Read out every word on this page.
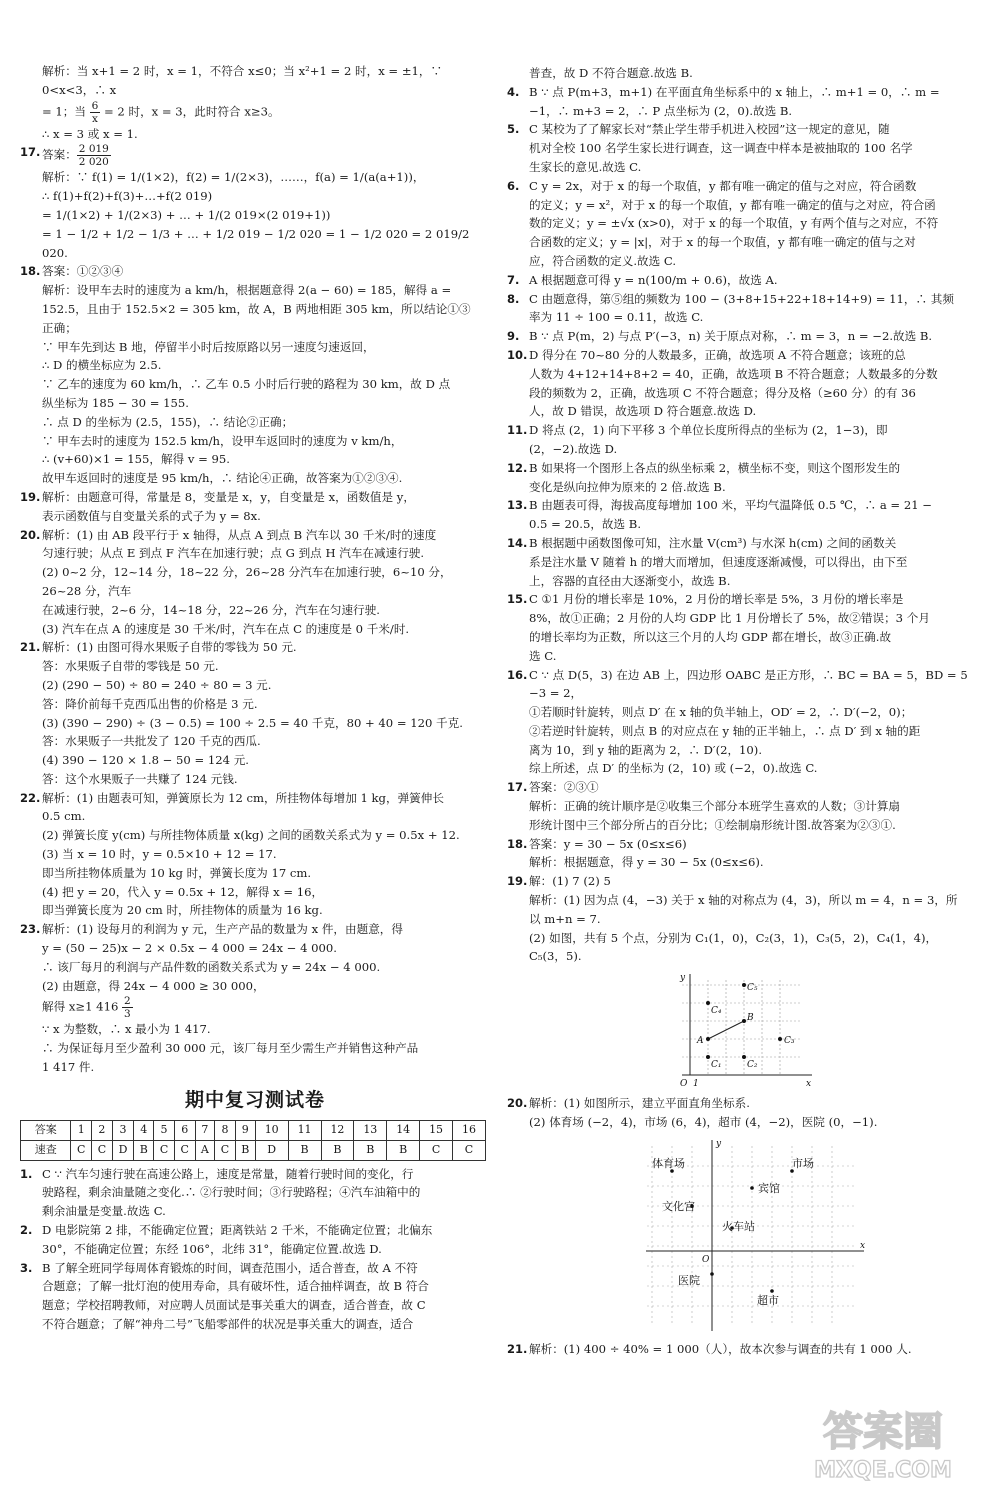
解析：当 x+1 = 2 时，x = 1，不符合 x≤0；当 x²+1 = 2 时，x = ±1，∵ 0<x<3，∴ x

= 1；当 $\frac{6}{x} = 2$ 时，x = 3，此时符合 x≥3。

∴ x = 3 或 x = 1.

17. 答案： $\frac{2 019}{2 020}$

解析：∵ f(1) = 1/(1×2)，f(2) = 1/(2×3)，……，f(a) = 1/(a(a+1))，

∴ f(1)+f(2)+f(3)+…+f(2 019)

= 1/(1×2) + 1/(2×3) + … + 1/(2 019×(2 019+1))

= 1 − 1/2 + 1/2 − 1/3 + … + 1/2 019 − 1/2 020 = 1 − 1/2 020 = 2 019/2 020.

18. 答案：①②③④

解析：设甲车去时的速度为 a km/h，根据题意得 2(a − 60) = 185，解得 a =

152.5，且由于 152.5×2 = 305 km，故 A，B 两地相距 305 km，所以结论①③

正确；

∵ 甲车先到达 B 地，停留半小时后按原路以另一速度匀速返回，

∴ D 的横坐标应为 2.5.

∵ 乙车的速度为 60 km/h，∴ 乙车 0.5 小时后行驶的路程为 30 km，故 D 点

纵坐标为 185 − 30 = 155.

∴ 点 D 的坐标为 (2.5，155)，∴ 结论②正确；

∵ 甲车去时的速度为 152.5 km/h，设甲车返回时的速度为 v km/h，

∴ (v+60)×1 = 155，解得 v = 95.

故甲车返回时的速度是 95 km/h，∴ 结论④正确，故答案为①②③④.

19. 解析：由题意可得，常量是 8，变量是 x，y，自变量是 x，函数值是 y，

表示函数值与自变量关系的式子为 y = 8x.

20. 解析：(1) 由 AB 段平行于 x 轴得，从点 A 到点 B 汽车以 30 千米/时的速度

匀速行驶；从点 E 到点 F 汽车在加速行驶；点 G 到点 H 汽车在减速行驶.

(2) 0~2 分，12~14 分，18~22 分，26~28 分汽车在加速行驶，6~10 分，26~28 分，汽车

在减速行驶，2~6 分，14~18 分，22~26 分，汽车在匀速行驶.

(3) 汽车在点 A 的速度是 30 千米/时，汽车在点 C 的速度是 0 千米/时.

21. 解析：(1) 由图可得水果贩子自带的零钱为 50 元.

答：水果贩子自带的零钱是 50 元.

(2) (290 − 50) ÷ 80 = 240 ÷ 80 = 3 元.

答：降价前每千克西瓜出售的价格是 3 元.

(3) (390 − 290) ÷ (3 − 0.5) = 100 ÷ 2.5 = 40 千克，80 + 40 = 120 千克.

答：水果贩子一共批发了 120 千克的西瓜.

(4) 390 − 120 × 1.8 − 50 = 124 元.

答：这个水果贩子一共赚了 124 元钱.

22. 解析：(1) 由题表可知，弹簧原长为 12 cm，所挂物体每增加 1 kg，弹簧伸长

0.5 cm.

(2) 弹簧长度 y(cm) 与所挂物体质量 x(kg) 之间的函数关系式为 y = 0.5x + 12.

(3) 当 x = 10 时，y = 0.5×10 + 12 = 17.

即当所挂物体质量为 10 kg 时，弹簧长度为 17 cm.

(4) 把 y = 20，代入 y = 0.5x + 12，解得 x = 16，

即当弹簧长度为 20 cm 时，所挂物体的质量为 16 kg.

23. 解析：(1) 设每月的利润为 y 元，生产产品的数量为 x 件，由题意，得

y = (50 − 25)x − 2 × 0.5x − 4 000 = 24x − 4 000.

∴ 该厂每月的利润与产品件数的函数关系式为 y = 24x − 4 000.

(2) 由题意，得 24x − 4 000 ≥ 30 000，

解得 x≥1 $416 \frac{2}{3}$

∵ x 为整数，∴ x 最小为 1 417.

∴ 为保证每月至少盈利 30 000 元，该厂每月至少需生产并销售这种产品

1 417 件.

期中复习测试卷
答案	1	2	3	4	5	6	7	8	9	10	11	12	13	14	15	16
速查	C	C	D	B	C	C	A	C	B	D	B	B	B	B	C	C
1. C ∵ 汽车匀速行驶在高速公路上，速度是常量，随着行驶时间的变化，行

驶路程，剩余油量随之变化.∴ ②行驶时间；③行驶路程；④汽车油箱中的

剩余油量是变量.故选 C.

2. D 电影院第 2 排，不能确定位置；距离铁站 2 千米，不能确定位置；北偏东

30°，不能确定位置；东经 106°，北纬 31°，能确定位置.故选 D.

3. B 了解全班同学每周体育锻炼的时间，调查范围小，适合普查，故 A 不符

合题意；了解一批灯泡的使用寿命，具有破坏性，适合抽样调查，故 B 符合

题意；学校招聘教师，对应聘人员面试是事关重大的调查，适合普查，故 C

不符合题意；了解“神舟二号”飞船零部件的状况是事关重大的调查，适合

普查，故 D 不符合题意.故选 B.

4. B ∵ 点 P(m+3，m+1) 在平面直角坐标系中的 x 轴上，∴ m+1 = 0，∴ m =

−1，∴ m+3 = 2，∴ P 点坐标为 (2，0).故选 B.

5. C 某校为了了解家长对“禁止学生带手机进入校园”这一规定的意见，随

机对全校 100 名学生家长进行调查，这一调查中样本是被抽取的 100 名学

生家长的意见.故选 C.

6. C y = 2x，对于 x 的每一个取值，y 都有唯一确定的值与之对应，符合函数

的定义；y = x²，对于 x 的每一个取值，y 都有唯一确定的值与之对应，符合函

数的定义；y = ±√x (x>0)，对于 x 的每一个取值，y 有两个值与之对应，不符

合函数的定义；y = |x|，对于 x 的每一个取值，y 都有唯一确定的值与之对

应，符合函数的定义.故选 C.

7. A 根据题意可得 y = n(100/m + 0.6)，故选 A.

8. C 由题意得，第⑤组的频数为 100 − (3+8+15+22+18+14+9) = 11，∴ 其频

率为 11 ÷ 100 = 0.11，故选 C.

9. B ∵ 点 P(m，2) 与点 P′(−3，n) 关于原点对称，∴ m = 3，n = −2.故选 B.

10. D 得分在 70~80 分的人数最多，正确，故选项 A 不符合题意；该班的总

人数为 4+12+14+8+2 = 40，正确，故选项 B 不符合题意；人数最多的分数

段的频数为 2，正确，故选项 C 不符合题意；得分及格（≥60 分）的有 36

人，故 D 错误，故选项 D 符合题意.故选 D.

11. D 将点 (2，1) 向下平移 3 个单位长度所得点的坐标为 (2，1−3)，即

(2，−2).故选 D.

12. B 如果将一个图形上各点的纵坐标乘 2，横坐标不变，则这个图形发生的

变化是纵向拉伸为原来的 2 倍.故选 B.

13. B 由题表可得，海拔高度每增加 100 米，平均气温降低 0.5 ℃，∴ a = 21 −

0.5 = 20.5，故选 B.

14. B 根据题中函数图像可知，注水量 V(cm³) 与水深 h(cm) 之间的函数关

系是注水量 V 随着 h 的增大而增加，但速度逐渐减慢，可以得出，由下至

上，容器的直径由大逐渐变小，故选 B.

15. C ①1 月份的增长率是 10%，2 月份的增长率是 5%，3 月份的增长率是

8%，故①正确；2 月份的人均 GDP 比 1 月份增长了 5%，故②错误；3 个月

的增长率均为正数，所以这三个月的人均 GDP 都在增长，故③正确.故

选 C.

16. C ∵ 点 D(5，3) 在边 AB 上，四边形 OABC 是正方形，∴ BC = BA = 5，BD = 5

−3 = 2，

①若顺时针旋转，则点 D′ 在 x 轴的负半轴上，OD′ = 2，∴ D′(−2，0)；

②若逆时针旋转，则点 B 的对应点在 y 轴的正半轴上，∴ 点 D′ 到 x 轴的距

离为 10，到 y 轴的距离为 2，∴ D′(2，10).

综上所述，点 D′ 的坐标为 (2，10) 或 (−2，0).故选 C.

17. 答案：②③①

解析：正确的统计顺序是②收集三个部分本班学生喜欢的人数；③计算扇

形统计图中三个部分所占的百分比；①绘制扇形统计图.故答案为②③①.

18. 答案：y = 30 − 5x (0≤x≤6)

解析：根据题意，得 y = 30 − 5x (0≤x≤6).

19. 解：(1) 7 (2) 5

解析：(1) 因为点 (4，−3) 关于 x 轴的对称点为 (4，3)，所以 m = 4，n = 3，所

以 m+n = 7.

(2) 如图，共有 5 个点，分别为 C₁(1，0)，C₂(3，1)，C₃(5，2)，C₄(1，4)，

C₅(3，5).

y
x
O 1
A
B
C₁	C₂
C₃
C₄
C₅
20. 解析：(1) 如图所示，建立平面直角坐标系.

(2) 体育场 (−2，4)，市场 (6，4)，超市 (4，−2)，医院 (0，−1).

体育场	市场
宾馆
文化宫
火车站
医院
超市
O
x
y
21. 解析：(1) 400 ÷ 40% = 1 000（人），故本次参与调查的共有 1 000 人.

答案圈
MXQE.COM
